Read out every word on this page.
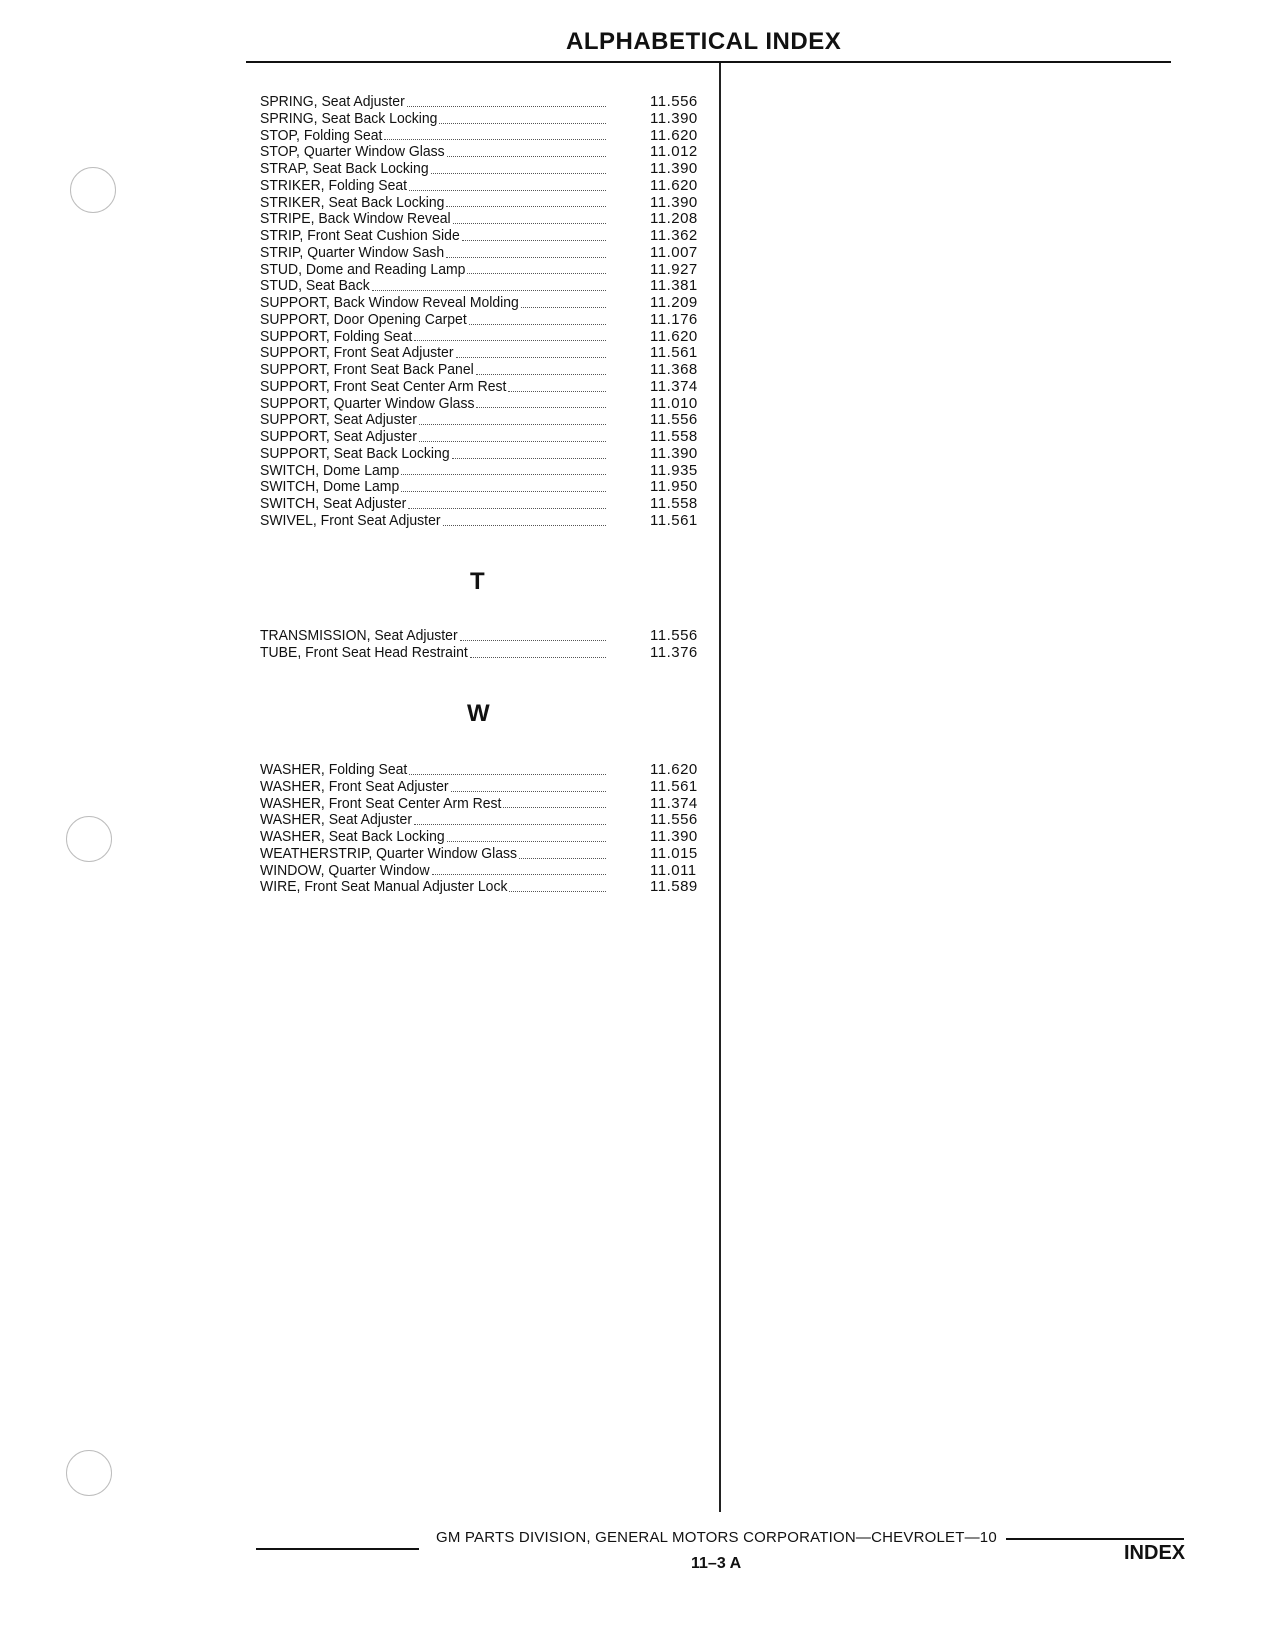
ALPHABETICAL INDEX
SPRING, Seat Adjuster	11.556
SPRING, Seat Back Locking	11.390
STOP, Folding Seat	11.620
STOP, Quarter Window Glass	11.012
STRAP, Seat Back Locking	11.390
STRIKER, Folding Seat	11.620
STRIKER, Seat Back Locking	11.390
STRIPE, Back Window Reveal	11.208
STRIP, Front Seat Cushion Side	11.362
STRIP, Quarter Window Sash	11.007
STUD, Dome and Reading Lamp	11.927
STUD, Seat Back	11.381
SUPPORT, Back Window Reveal Molding	11.209
SUPPORT, Door Opening Carpet	11.176
SUPPORT, Folding Seat	11.620
SUPPORT, Front Seat Adjuster	11.561
SUPPORT, Front Seat Back Panel	11.368
SUPPORT, Front Seat Center Arm Rest	11.374
SUPPORT, Quarter Window Glass	11.010
SUPPORT, Seat Adjuster	11.556
SUPPORT, Seat Adjuster	11.558
SUPPORT, Seat Back Locking	11.390
SWITCH, Dome Lamp	11.935
SWITCH, Dome Lamp	11.950
SWITCH, Seat Adjuster	11.558
SWIVEL, Front Seat Adjuster	11.561
T
TRANSMISSION, Seat Adjuster	11.556
TUBE, Front Seat Head Restraint	11.376
W
WASHER, Folding Seat	11.620
WASHER, Front Seat Adjuster	11.561
WASHER, Front Seat Center Arm Rest	11.374
WASHER, Seat Adjuster	11.556
WASHER, Seat Back Locking	11.390
WEATHERSTRIP, Quarter Window Glass	11.015
WINDOW, Quarter Window	11.011
WIRE, Front Seat Manual Adjuster Lock	11.589
GM PARTS DIVISION, GENERAL MOTORS CORPORATION—CHEVROLET—10
11–3 A	INDEX
